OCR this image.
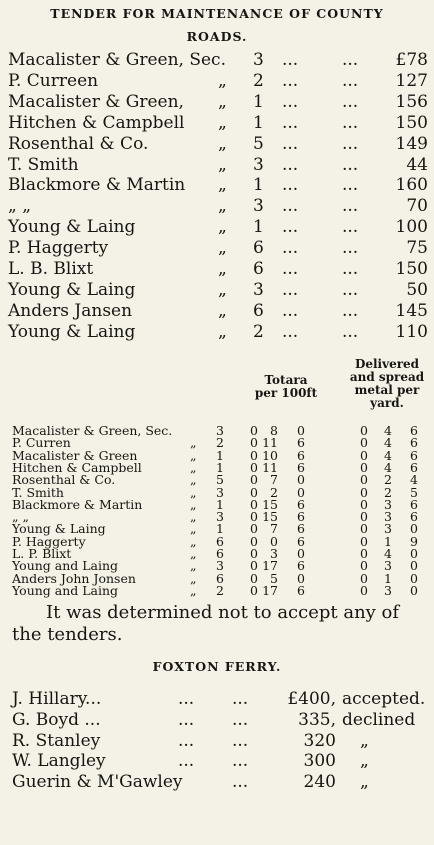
TENDER FOR MAINTENANCE OF COUNTY
ROADS.
Macalister & Green, Sec. 3 ...	...	£78
P. Curreen	„ 2 ...	...	127
Macalister & Green, „ 1 ...	...	156
Hitchen & Campbell „ 1 ...	...	150
Rosenthal & Co.	„ 5 ...	...	149
T. Smith	„ 3 ...	...	44
Blackmore & Martin „ 1 ...	...	160
„ „	„ 3 ...	...	70
Young & Laing	„ 1 ...	...	100
P. Haggerty	„ 6 ...	...	75
L. B. Blixt	„ 6 ...	...	150
Young & Laing	„ 3 ...	...	50
Anders Jansen	„ 6 ...	...	145
Young & Laing	„ 2 ...	...	110
Totara
per 100ft
Delivered
and spread
metal per
yard.
Macalister & Green, Sec.	3	0 8	0	0	4	6
P. Curren	„ 2	0 11	6	0	4	6
Macalister & Green	„ 1	0 10	6	0	4	6
Hitchen & Campbell	„ 1	0 11	6	0	4	6
Rosenthal & Co.	„ 5	0 7	0	0	2	4
T. Smith	„ 3	0 2	0	0	2	5
Blackmore & Martin	„ 1	0 15	6	0	3	6
„ „	„ 3	0 15	6	0	3	6
Young & Laing	„ 1	0 7	6	0	3	0
P. Haggerty	„ 6	0 0	6	0	1	9
L. P. Blixt	„ 6	0 3	0	0	4	0
Young and Laing	„ 3	0 17	6	0	3	0
Anders John Jonsen	„ 6	0 5	0	0	1	0
Young and Laing	„ 2	0 17	6	0	3	0
It was determined not to accept any of
the tenders.
FOXTON FERRY.
J. Hillary...	... ...	£400, accepted.
G. Boyd ...	... ...	335, declined
R. Stanley	... ...	320 „
W. Langley	... ...	300 „
Guerin & M'Gawley	...	240 „
